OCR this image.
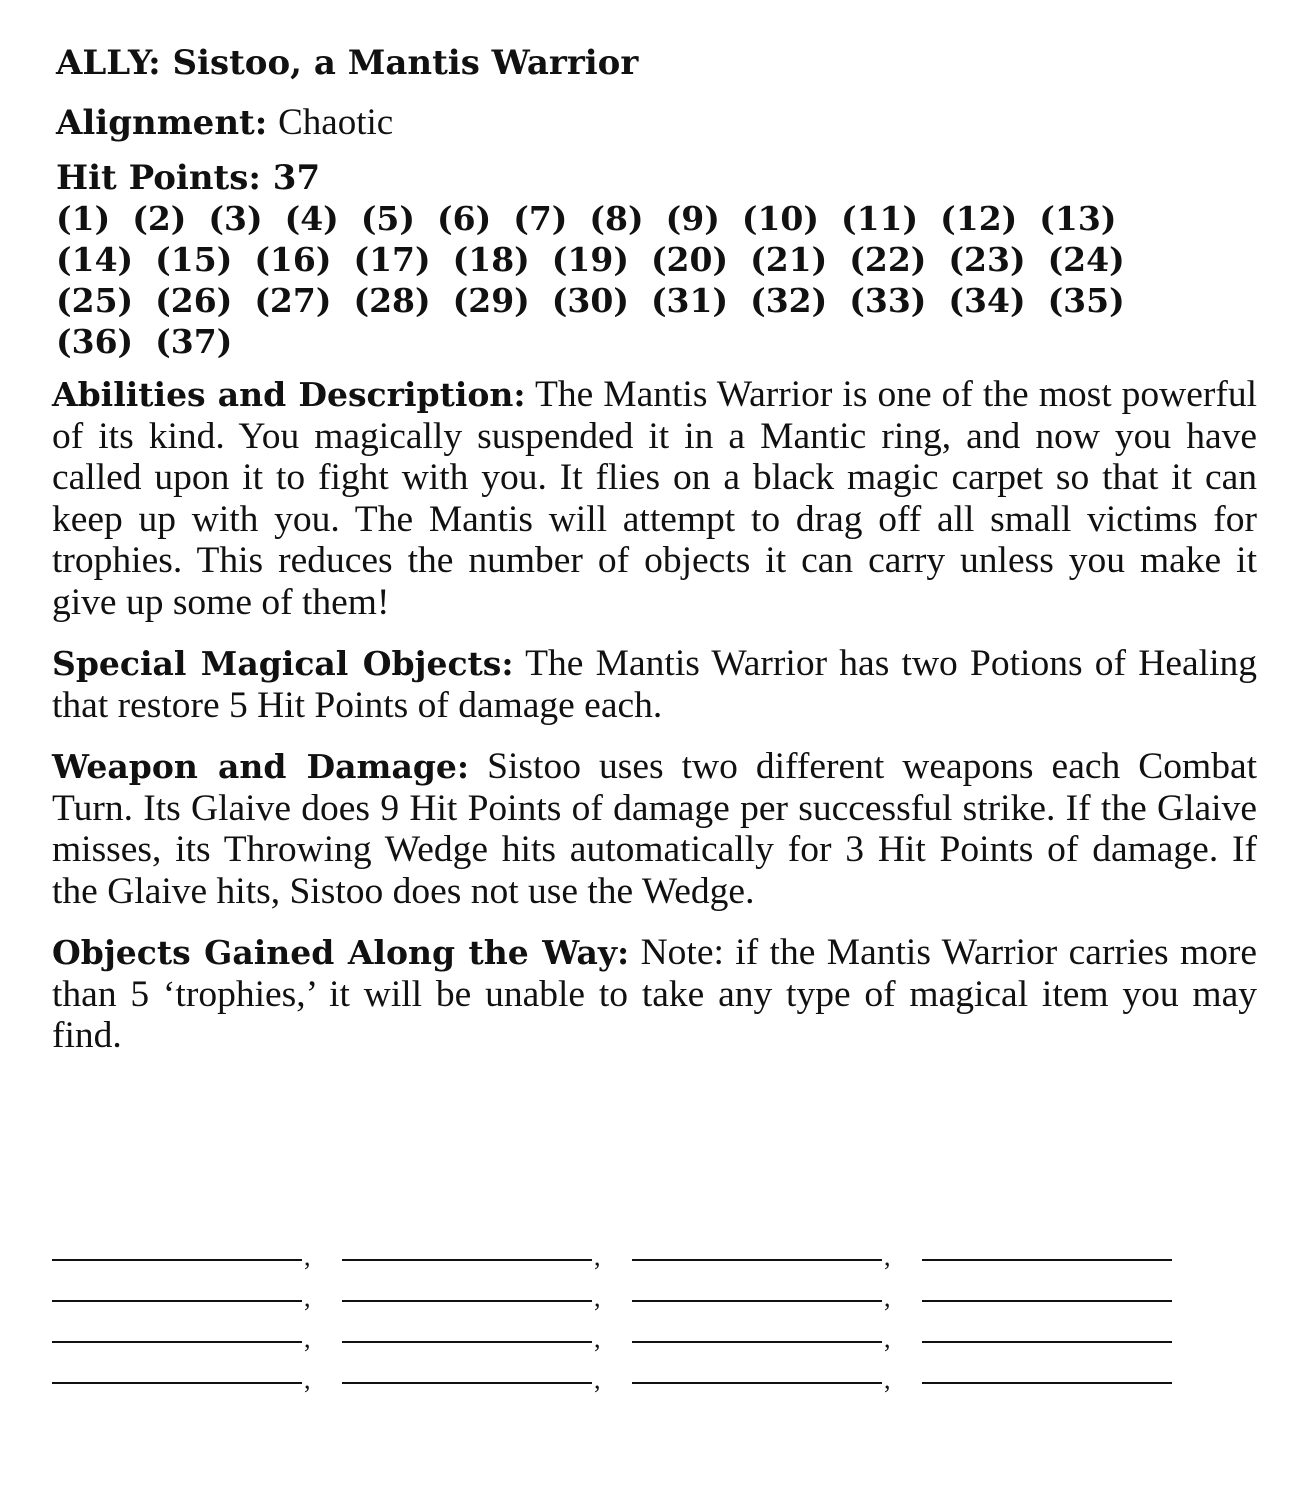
ALLY: Sistoo, a Mantis Warrior
Alignment: Chaotic
Hit Points: 37
(1) (2) (3) (4) (5) (6) (7) (8) (9) (10) (11) (12) (13)
(14) (15) (16) (17) (18) (19) (20) (21) (22) (23) (24)
(25) (26) (27) (28) (29) (30) (31) (32) (33) (34) (35)
(36) (37)

Abilities and Description: The Mantis Warrior is one of the most powerful of its kind. You magically suspended it in a Mantic ring, and now you have called upon it to fight with you. It flies on a black magic carpet so that it can keep up with you. The Mantis will attempt to drag off all small victims for trophies. This reduces the number of objects it can carry unless you make it give up some of them!

Special Magical Objects: The Mantis Warrior has two Potions of Healing that restore 5 Hit Points of damage each.

Weapon and Damage: Sistoo uses two different weapons each Combat Turn. Its Glaive does 9 Hit Points of damage per successful strike. If the Glaive misses, its Throwing Wedge hits automatically for 3 Hit Points of damage. If the Glaive hits, Sistoo does not use the Wedge.

Objects Gained Along the Way: Note: if the Mantis Warrior carries more than 5 ‘trophies,’ it will be unable to take any type of magical item you may find.

,	,	,
,	,	,
,	,	,
,	,	,
